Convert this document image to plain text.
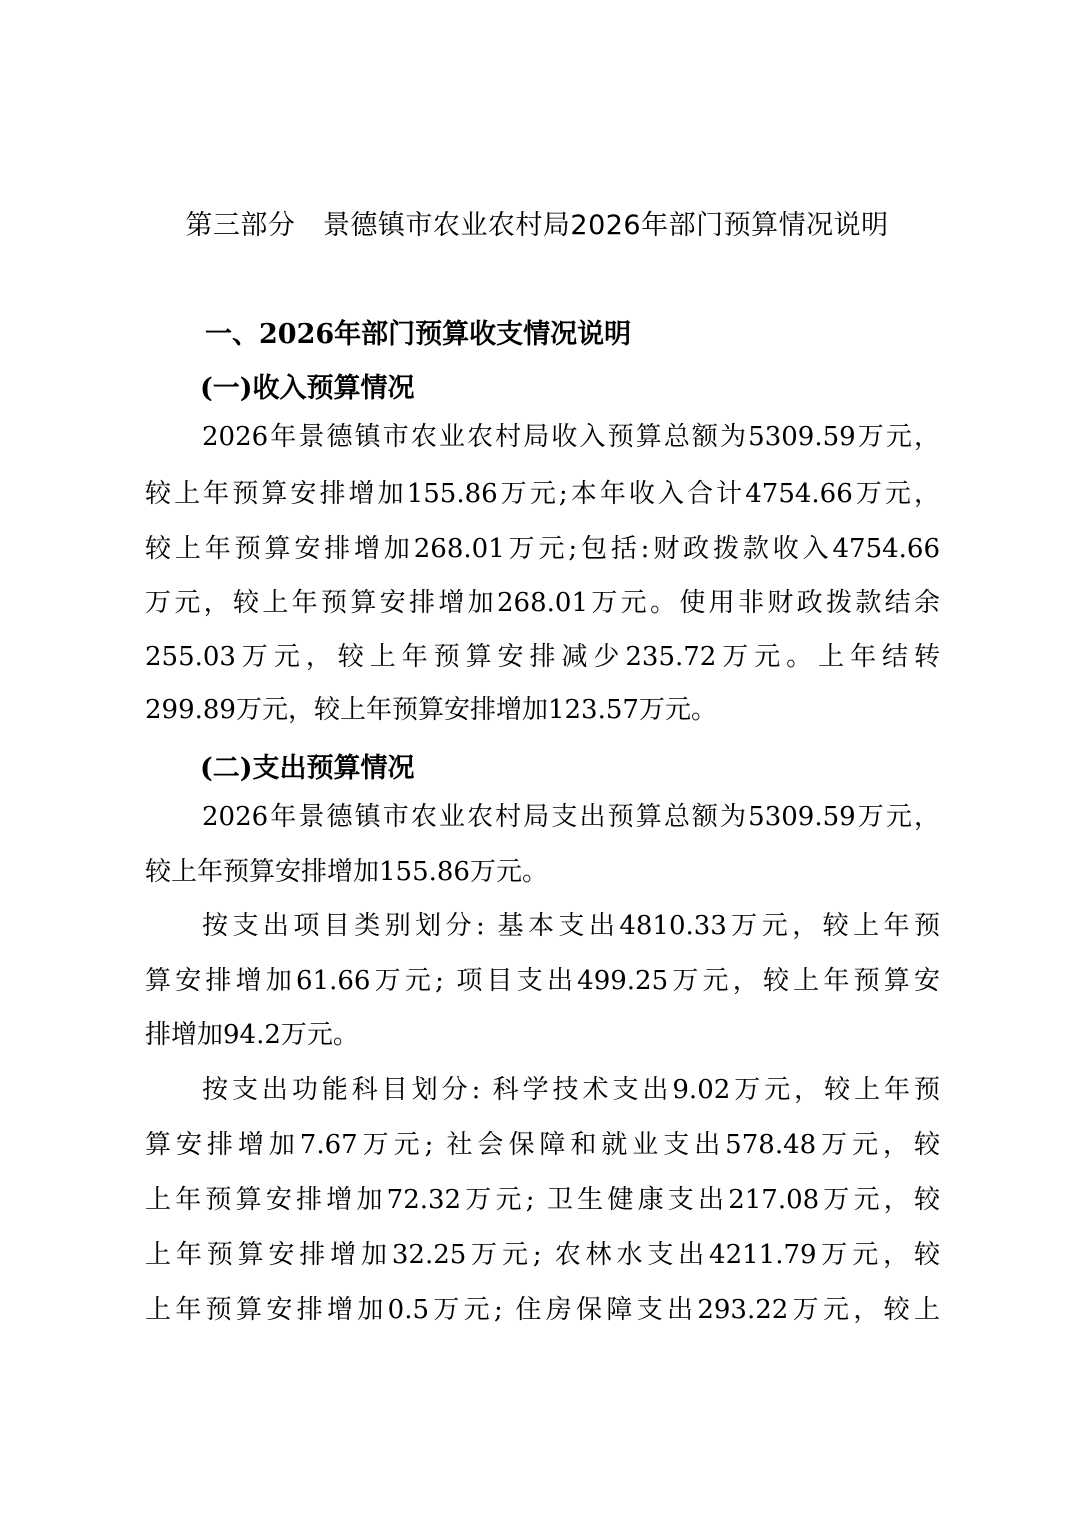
第三部分　景德镇市农业农村局2026年部门预算情况说明
一、2026年部门预算收支情况说明
(一)收入预算情况
2026年景德镇市农业农村局收入预算总额为5309.59万元，
较上年预算安排增加155.86万元;本年收入合计4754.66万元，
较上年预算安排增加268.01万元;包括:财政拨款收入4754.66
万元，较上年预算安排增加268.01万元。使用非财政拨款结余
255.03万元，较上年预算安排减少235.72万元。上年结转
299.89万元，较上年预算安排增加123.57万元。
(二)支出预算情况
2026年景德镇市农业农村局支出预算总额为5309.59万元，
较上年预算安排增加155.86万元。
按支出项目类别划分: 基本支出4810.33万元，较上年预
算安排增加61.66万元; 项目支出499.25万元，较上年预算安
排增加94.2万元。
按支出功能科目划分: 科学技术支出9.02万元，较上年预
算安排增加7.67万元; 社会保障和就业支出578.48万元，较
上年预算安排增加72.32万元; 卫生健康支出217.08万元，较
上年预算安排增加32.25万元; 农林水支出4211.79万元，较
上年预算安排增加0.5万元; 住房保障支出293.22万元，较上
